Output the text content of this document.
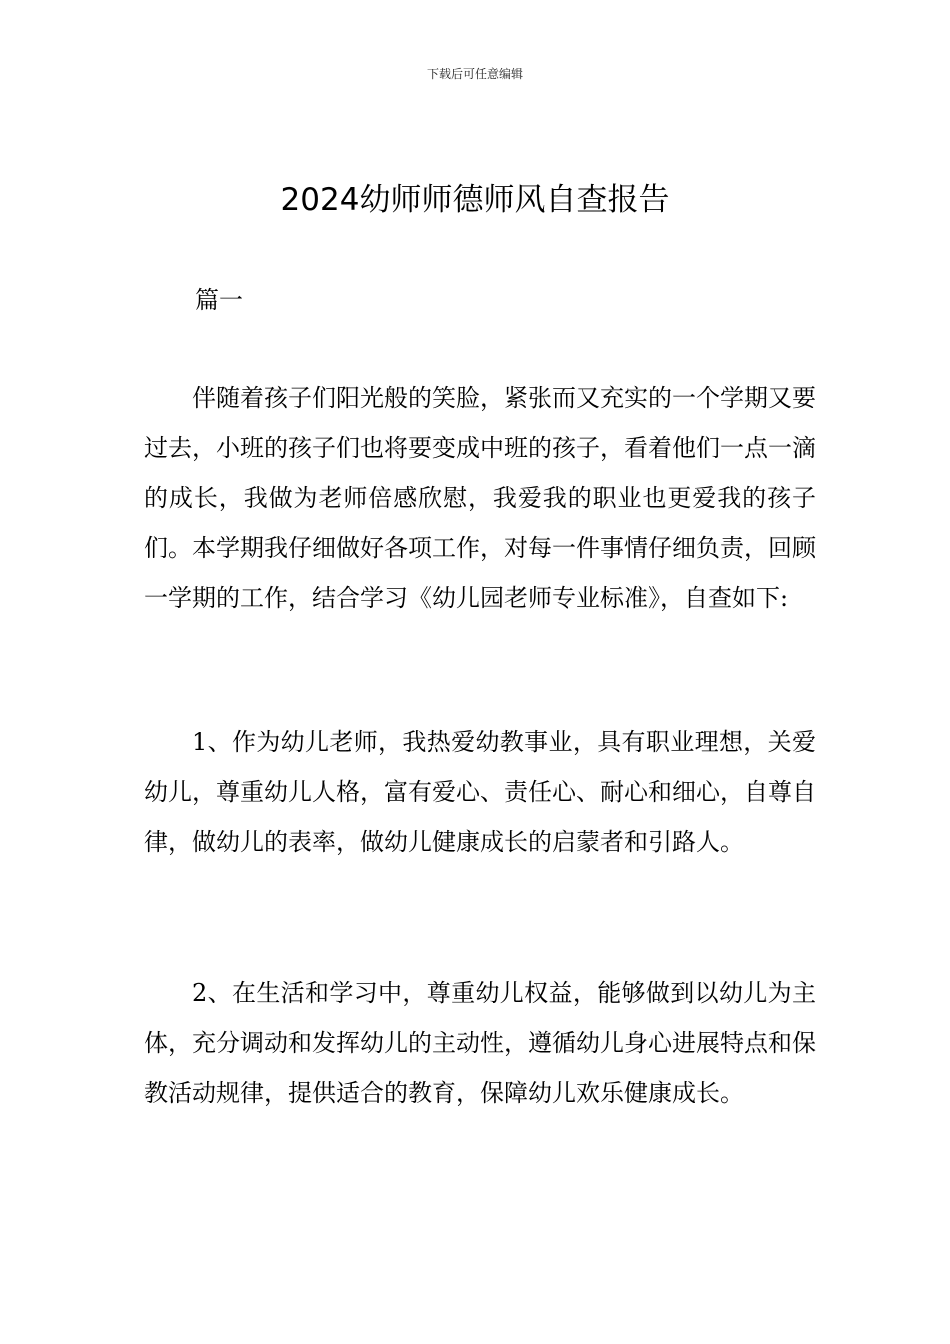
下载后可任意编辑
2024幼师师德师风自查报告
篇一

伴随着孩子们阳光般的笑脸，紧张而又充实的一个学期又要过去，小班的孩子们也将要变成中班的孩子，看着他们一点一滴的成长，我做为老师倍感欣慰，我爱我的职业也更爱我的孩子们。本学期我仔细做好各项工作，对每一件事情仔细负责，回顾一学期的工作，结合学习《幼儿园老师专业标准》，自查如下:

1、作为幼儿老师，我热爱幼教事业，具有职业理想，关爱幼儿，尊重幼儿人格，富有爱心、责任心、耐心和细心，自尊自律，做幼儿的表率，做幼儿健康成长的启蒙者和引路人。

2、在生活和学习中，尊重幼儿权益，能够做到以幼儿为主体，充分调动和发挥幼儿的主动性，遵循幼儿身心进展特点和保教活动规律，提供适合的教育，保障幼儿欢乐健康成长。
